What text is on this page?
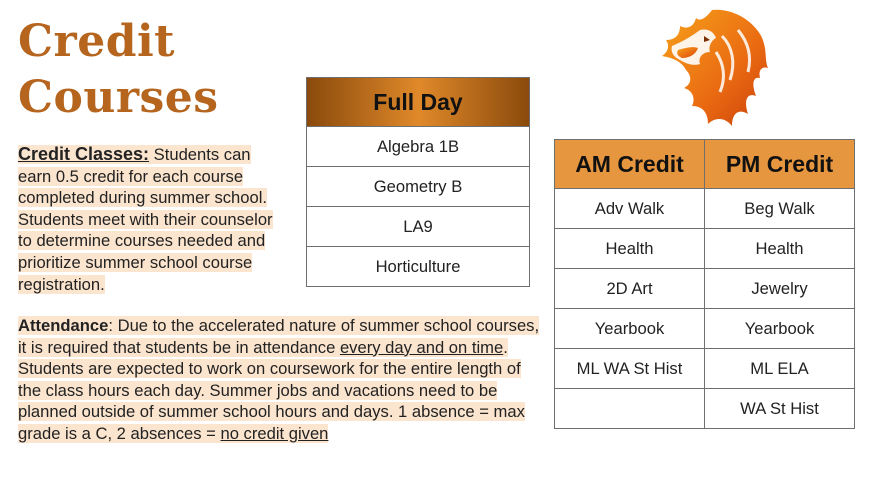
Credit
Courses
Credit Classes: Students can earn 0.5 credit for each course completed during summer school. Students meet with their counselor to determine courses needed and prioritize summer school course registration.
Attendance: Due to the accelerated nature of summer school courses, it is required that students be in attendance every day and on time. Students are expected to work on coursework for the entire length of the class hours each day. Summer jobs and vacations need to be planned outside of summer school hours and days. 1 absence = max grade is a C, 2 absences = no credit given
Full Day
Algebra 1B
Geometry B
LA9
Horticulture
AM Credit	PM Credit
Adv Walk	Beg Walk
Health	Health
2D Art	Jewelry
Yearbook	Yearbook
ML WA St Hist	ML ELA
	WA St Hist
